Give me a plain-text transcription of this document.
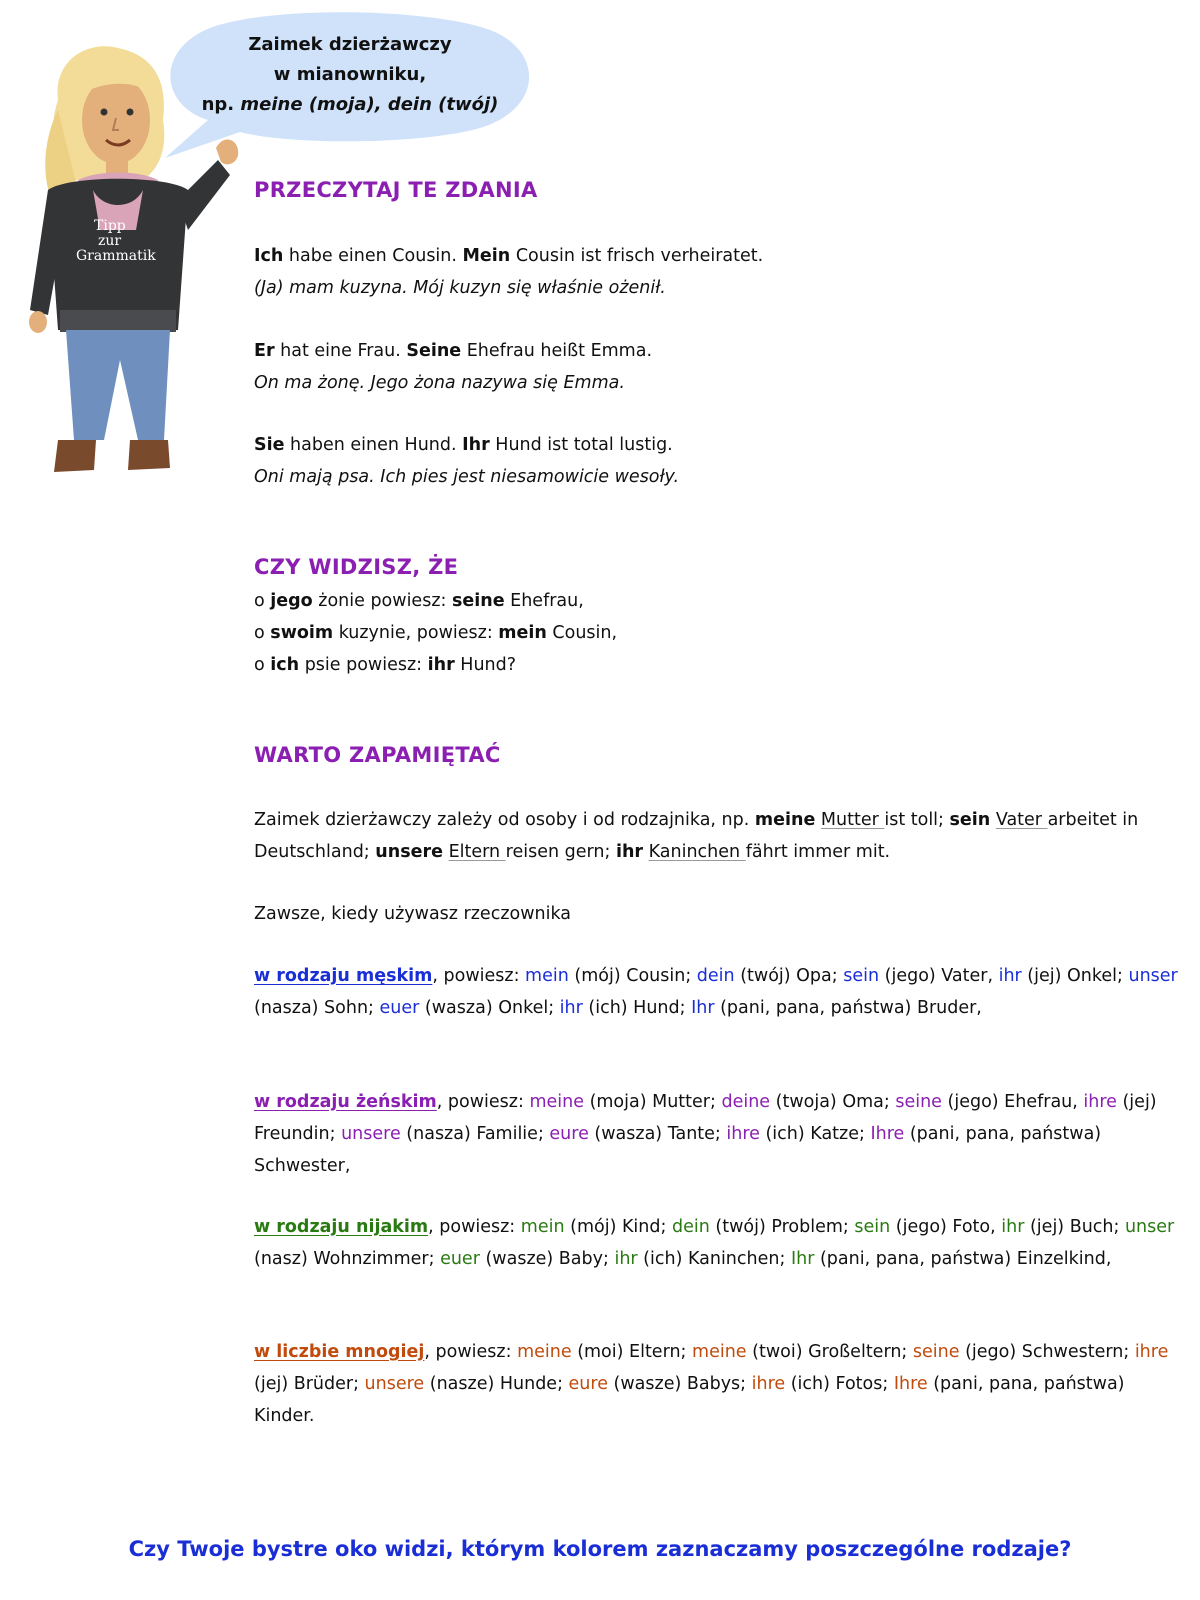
Zaimek dzierżawczy
w mianowniku,
np. meine (moja), dein (twój)
Tipp
zur
Grammatik
PRZECZYTAJ TE ZDANIA
Ich habe einen Cousin. Mein Cousin ist frisch verheiratet.
(Ja) mam kuzyna. Mój kuzyn się właśnie ożenił.
Er hat eine Frau. Seine Ehefrau heißt Emma.
On ma żonę. Jego żona nazywa się Emma.
Sie haben einen Hund. Ihr Hund ist total lustig.
Oni mają psa. Ich pies jest niesamowicie wesoły.
CZY WIDZISZ, ŻE
o jego żonie powiesz: seine Ehefrau,
o swoim kuzynie, powiesz: mein Cousin,
o ich psie powiesz: ihr Hund?
WARTO ZAPAMIĘTAĆ
Zaimek dzierżawczy zależy od osoby i od rodzajnika, np. meine Mutter ist toll; sein Vater arbeitet in Deutschland; unsere Eltern reisen gern; ihr Kaninchen fährt immer mit.
Zawsze, kiedy używasz rzeczownika
w rodzaju męskim, powiesz: mein (mój) Cousin; dein (twój) Opa; sein (jego) Vater, ihr (jej) Onkel; unser (nasza) Sohn; euer (wasza) Onkel; ihr (ich) Hund; Ihr (pani, pana, państwa) Bruder,
w rodzaju żeńskim, powiesz: meine (moja) Mutter; deine (twoja) Oma; seine (jego) Ehefrau, ihre (jej) Freundin; unsere (nasza) Familie; eure (wasza) Tante; ihre (ich) Katze; Ihre (pani, pana, państwa) Schwester,
w rodzaju nijakim, powiesz: mein (mój) Kind; dein (twój) Problem; sein (jego) Foto, ihr (jej) Buch; unser (nasz) Wohnzimmer; euer (wasze) Baby; ihr (ich) Kaninchen; Ihr (pani, pana, państwa) Einzelkind,
w liczbie mnogiej, powiesz: meine (moi) Eltern; meine (twoi) Großeltern; seine (jego) Schwestern; ihre (jej) Brüder; unsere (nasze) Hunde; eure (wasze) Babys; ihre (ich) Fotos; Ihre (pani, pana, państwa) Kinder.
Czy Twoje bystre oko widzi, którym kolorem zaznaczamy poszczególne rodzaje?
